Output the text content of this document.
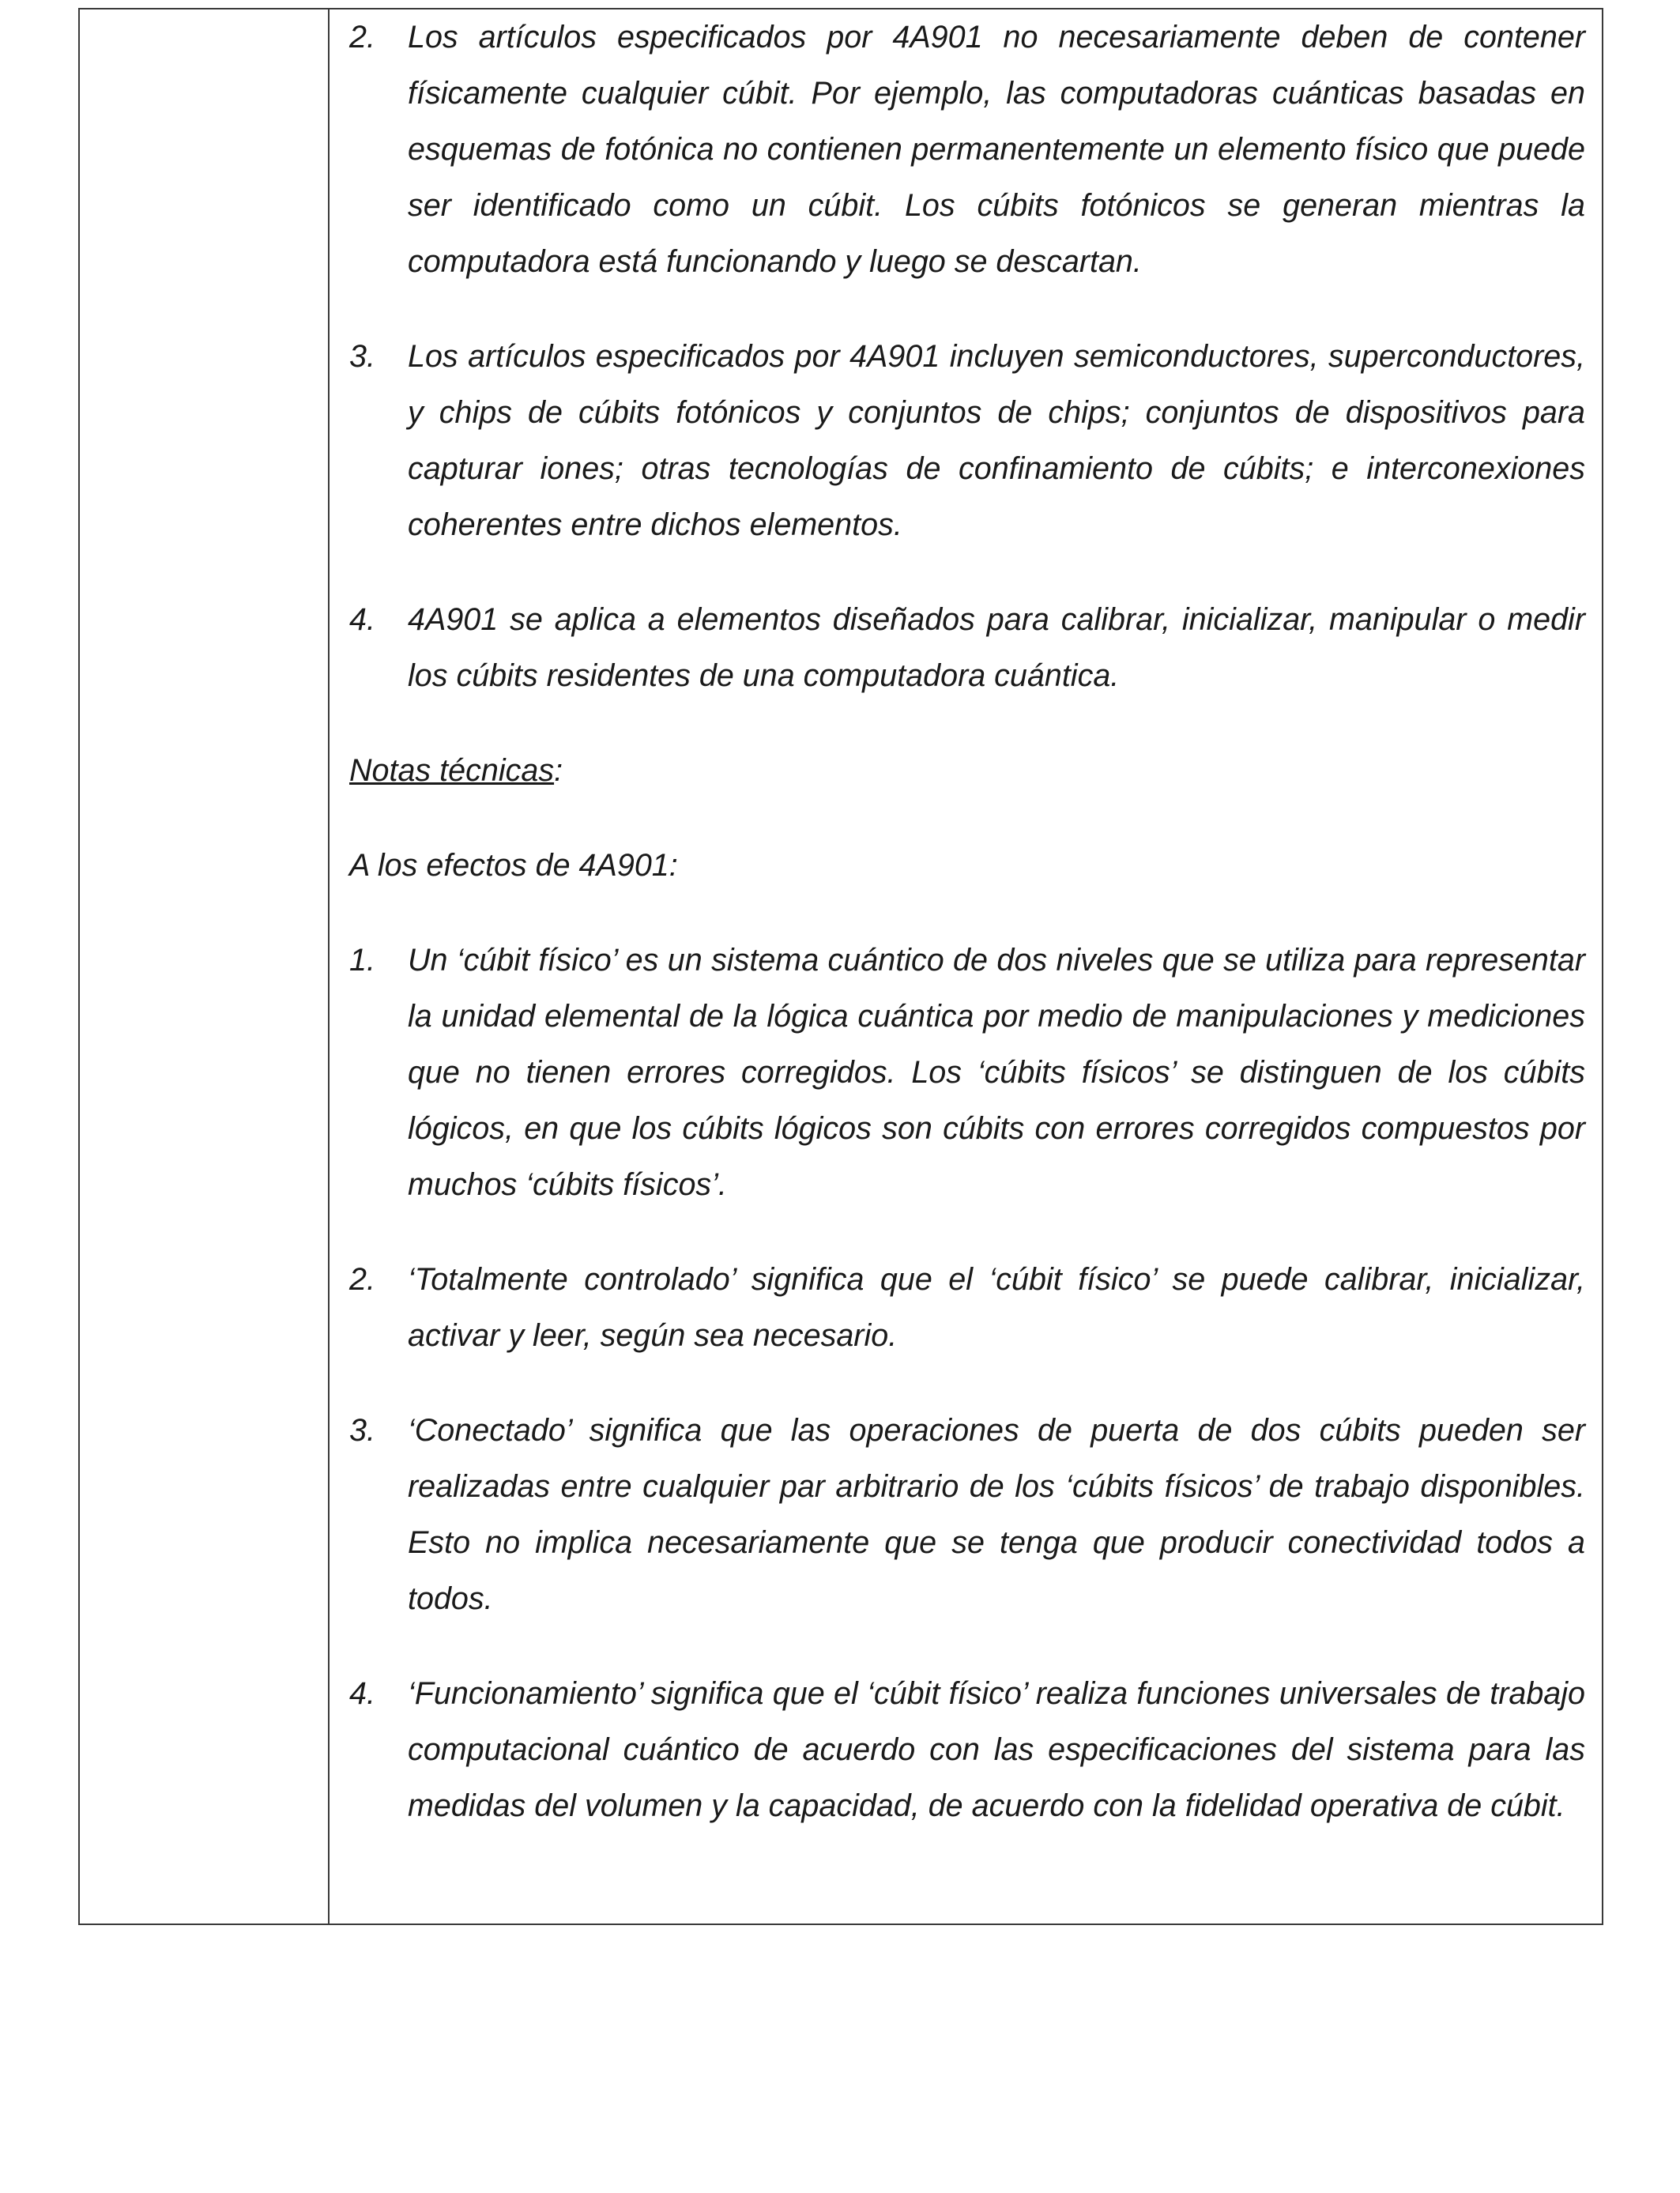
2. Los artículos especificados por 4A901 no necesariamente deben de contener físicamente cualquier cúbit. Por ejemplo, las computadoras cuánticas basadas en esquemas de fotónica no contienen permanentemente un elemento físico que puede ser identificado como un cúbit. Los cúbits fotónicos se generan mientras la computadora está funcionando y luego se descartan.
3. Los artículos especificados por 4A901 incluyen semiconductores, superconductores, y chips de cúbits fotónicos y conjuntos de chips; conjuntos de dispositivos para capturar iones; otras tecnologías de confinamiento de cúbits; e interconexiones coherentes entre dichos elementos.
4. 4A901 se aplica a elementos diseñados para calibrar, inicializar, manipular o medir los cúbits residentes de una computadora cuántica.
Notas técnicas:
A los efectos de 4A901:
1. Un ‘cúbit físico’ es un sistema cuántico de dos niveles que se utiliza para representar la unidad elemental de la lógica cuántica por medio de manipulaciones y mediciones que no tienen errores corregidos. Los ‘cúbits físicos’ se distinguen de los cúbits lógicos, en que los cúbits lógicos son cúbits con errores corregidos compuestos por muchos ‘cúbits físicos’.
2. ‘Totalmente controlado’ significa que el ‘cúbit físico’ se puede calibrar, inicializar, activar y leer, según sea necesario.
3. ‘Conectado’ significa que las operaciones de puerta de dos cúbits pueden ser realizadas entre cualquier par arbitrario de los ‘cúbits físicos’ de trabajo disponibles. Esto no implica necesariamente que se tenga que producir conectividad todos a todos.
4. ‘Funcionamiento’ significa que el ‘cúbit físico’ realiza funciones universales de trabajo computacional cuántico de acuerdo con las especificaciones del sistema para las medidas del volumen y la capacidad, de acuerdo con la fidelidad operativa de cúbit.
